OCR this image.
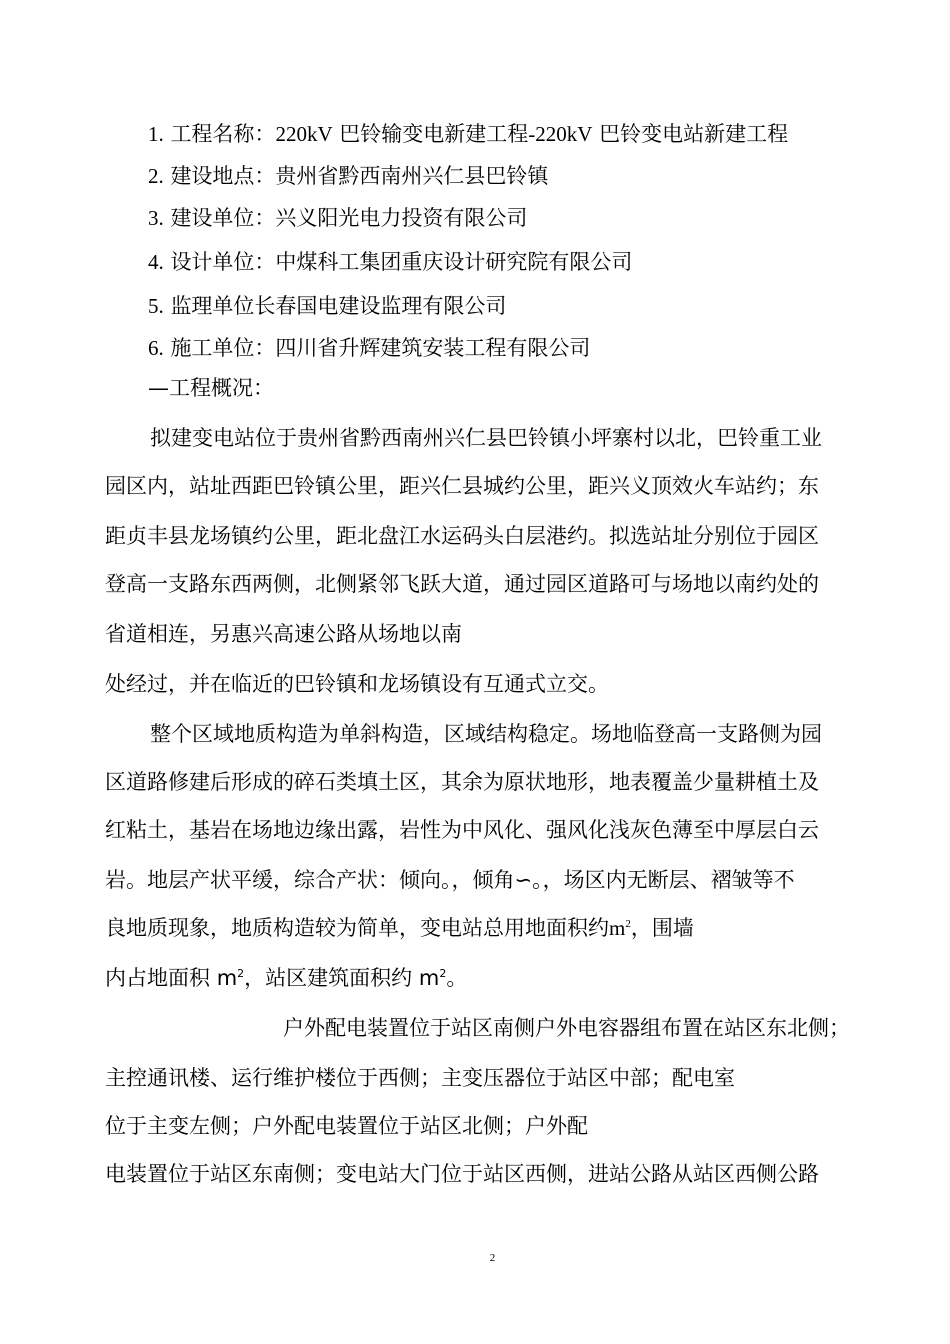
1. 工程名称：220kV 巴铃输变电新建工程-220kV 巴铃变电站新建工程
2. 建设地点：贵州省黔西南州兴仁县巴铃镇
3. 建设单位：兴义阳光电力投资有限公司
4. 设计单位：中煤科工集团重庆设计研究院有限公司
5. 监理单位长春国电建设监理有限公司
6. 施工单位：四川省升辉建筑安装工程有限公司
—工程概况：
拟建变电站位于贵州省黔西南州兴仁县巴铃镇小坪寨村以北，巴铃重工业
园区内，站址西距巴铃镇公里，距兴仁县城约公里，距兴义顶效火车站约；东
距贞丰县龙场镇约公里，距北盘江水运码头白层港约。拟选站址分别位于园区
登高一支路东西两侧，北侧紧邻飞跃大道，通过园区道路可与场地以南约处的
省道相连，另惠兴高速公路从场地以南
处经过，并在临近的巴铃镇和龙场镇设有互通式立交。
整个区域地质构造为单斜构造，区域结构稳定。场地临登高一支路侧为园
区道路修建后形成的碎石类填土区，其余为原状地形，地表覆盖少量耕植土及
红粘土，基岩在场地边缘出露，岩性为中风化、强风化浅灰色薄至中厚层白云
岩。地层产状平缓，综合产状：倾向。，倾角∽。，场区内无断层、褶皱等不
良地质现象，地质构造较为简单，变电站总用地面积约$m^2$，围墙
内占地面积 $m^2$，站区建筑面积约 $m^2$。
户外配电装置位于站区南侧户外电容器组布置在站区东北侧；
主控通讯楼、运行维护楼位于西侧；主变压器位于站区中部；配电室
位于主变左侧；户外配电装置位于站区北侧；户外配
电装置位于站区东南侧；变电站大门位于站区西侧，进站公路从站区西侧公路
2
